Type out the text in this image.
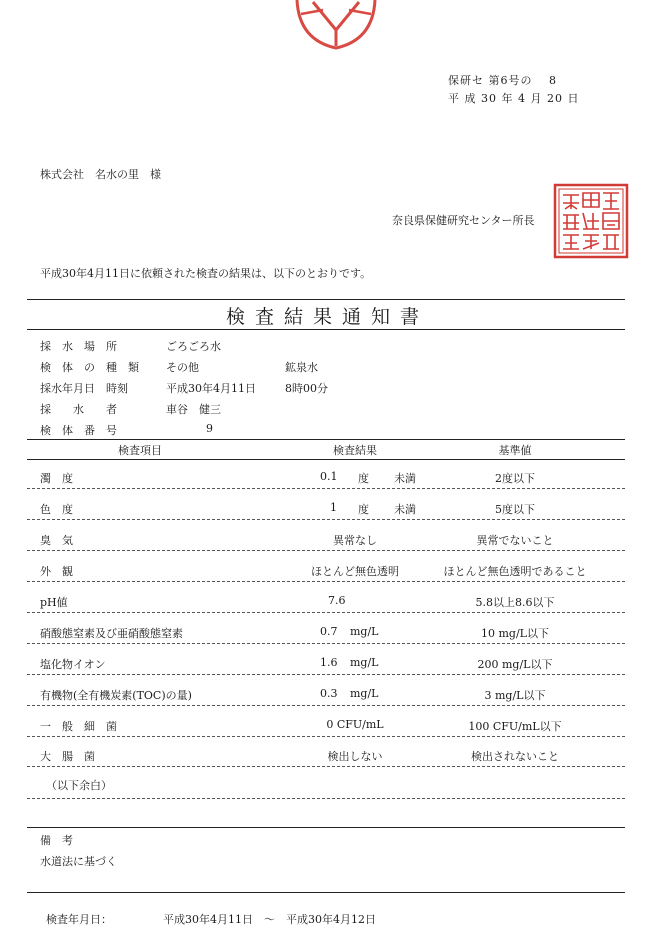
保研セ 第6号の　 8
平 成 30 年 4 月 20 日
株式会社　名水の里　様
奈良県保健研究センター所長
平成30年4月11日に依頼された検査の結果は、以下のとおりです。
検査結果通知書
採　水　場　所	ごろごろ水
検　体　の　種　類 その他	鉱泉水
採水年月日　時刻	平成30年4月11日	8時00分
採　　水　　者	車谷　健三
検　体　番　号	9
検査項目	検査結果	基準値
濁　度	0.1 度 未満	2度以下
色　度	1 度 未満	5度以下
臭　気	異常なし	異常でないこと
外　観	ほとんど無色透明	ほとんど無色透明であること
pH値	7.6	5.8以上8.6以下
硝酸態窒素及び亜硝酸態窒素	0.7 mg/L	10 mg/L以下
塩化物イオン	1.6 mg/L	200 mg/L以下
有機物(全有機炭素(TOC)の量)	0.3 mg/L	3 mg/L以下
一　般　細　菌	0 CFU/mL	100 CFU/mL以下
大　腸　菌	検出しない	検出されないこと
（以下余白）
備　考
水道法に基づく
検査年月日：	平成30年4月11日　～　平成30年4月12日
